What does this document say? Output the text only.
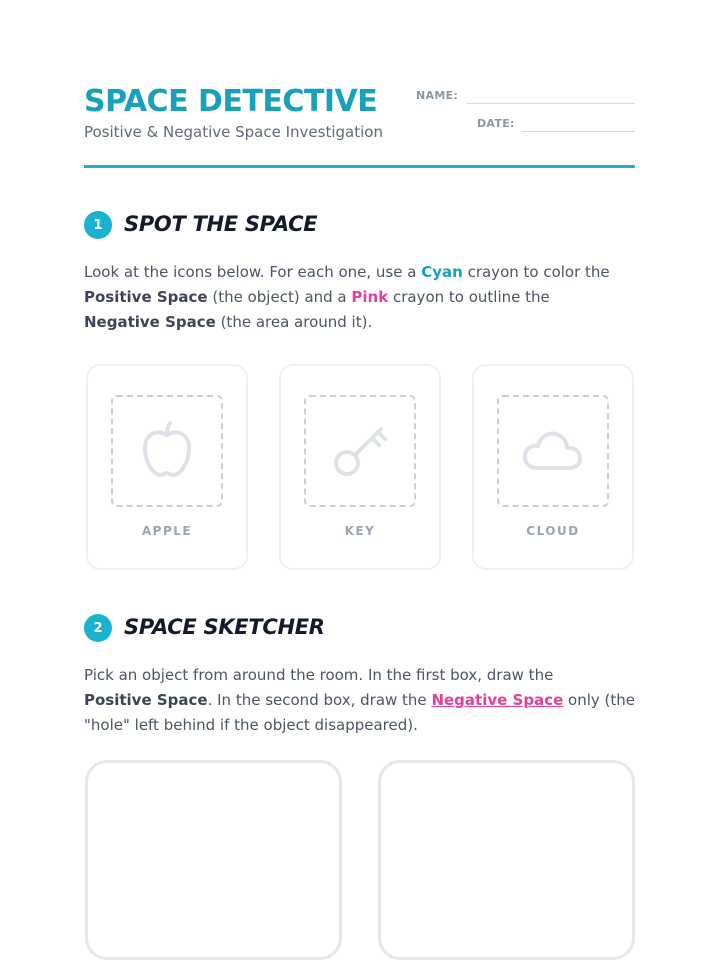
SPACE DETECTIVE
Positive & Negative Space Investigation
NAME:
DATE:
1	SPOT THE SPACE
Look at the icons below. For each one, use a Cyan crayon to color the
Positive Space (the object) and a Pink crayon to outline the
Negative Space (the area around it).
APPLE	KEY	CLOUD
2	SPACE SKETCHER
Pick an object from around the room. In the first box, draw the
Positive Space. In the second box, draw the Negative Space only (the "hole" left behind if the object disappeared).
